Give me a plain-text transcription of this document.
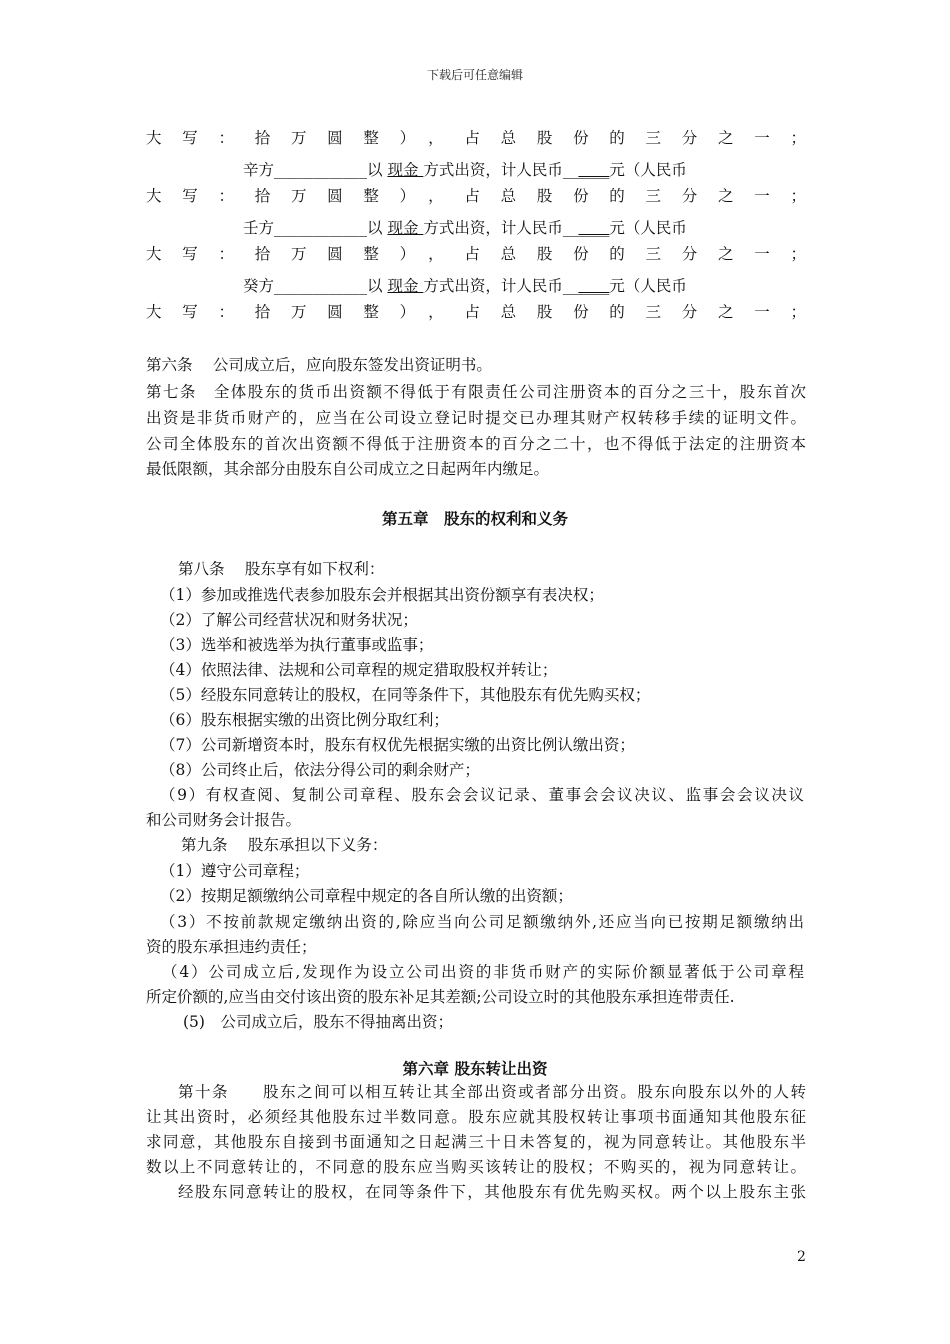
下载后可任意编辑
大写：拾万圆整），占总股份的三分之一；
辛方____________以 现金 方式出资，计人民币______元（人民币
大写：拾万圆整），占总股份的三分之一；
壬方____________以 现金 方式出资，计人民币______元（人民币
大写：拾万圆整），占总股份的三分之一；
癸方____________以 现金 方式出资，计人民币______元（人民币
大写：拾万圆整），占总股份的三分之一；
第六条　 公司成立后，应向股东签发出资证明书。
第七条　全体股东的货币出资额不得低于有限责任公司注册资本的百分之三十，股东首次
出资是非货币财产的，应当在公司设立登记时提交已办理其财产权转移手续的证明文件。
公司全体股东的首次出资额不得低于注册资本的百分之二十，也不得低于法定的注册资本
最低限额，其余部分由股东自公司成立之日起两年内缴足。
第五章　股东的权利和义务
第八条　 股东享有如下权利：
（1）参加或推选代表参加股东会并根据其出资份额享有表决权；
（2）了解公司经营状况和财务状况；
（3）选举和被选举为执行董事或监事；
（4）依照法律、法规和公司章程的规定猎取股权并转让；
（5）经股东同意转让的股权，在同等条件下，其他股东有优先购买权；
（6）股东根据实缴的出资比例分取红利；
（7）公司新增资本时，股东有权优先根据实缴的出资比例认缴出资；
（8）公司终止后，依法分得公司的剩余财产；
（9）有权查阅、复制公司章程、股东会会议记录、董事会会议决议、监事会会议决议
和公司财务会计报告。
第九条　 股东承担以下义务：
（1）遵守公司章程；
（2）按期足额缴纳公司章程中规定的各自所认缴的出资额；
（3）不按前款规定缴纳出资的,除应当向公司足额缴纳外,还应当向已按期足额缴纳出
资的股东承担违约责任；
（4）公司成立后,发现作为设立公司出资的非货币财产的实际价额显著低于公司章程
所定价额的,应当由交付该出资的股东补足其差额;公司设立时的其他股东承担连带责任.
(5)　公司成立后，股东不得抽离出资；
第六章 股东转让出资
第十条　　股东之间可以相互转让其全部出资或者部分出资。股东向股东以外的人转
让其出资时，必须经其他股东过半数同意。股东应就其股权转让事项书面通知其他股东征
求同意，其他股东自接到书面通知之日起满三十日未答复的，视为同意转让。其他股东半
数以上不同意转让的，不同意的股东应当购买该转让的股权；不购买的，视为同意转让。
经股东同意转让的股权，在同等条件下，其他股东有优先购买权。两个以上股东主张
2
